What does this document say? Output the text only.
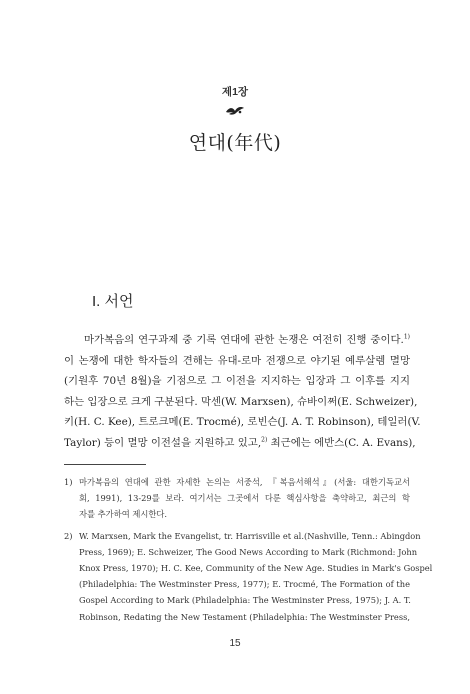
제1장
연대(年代)
I. 서언
마가복음의 연구과제 중 기록 연대에 관한 논쟁은 여전히 진행 중이다.$^{1)}$
이 논쟁에 대한 학자들의 견해는 유대-로마 전쟁으로 야기된 예루살렘 멸망
(기원후 70년 8월)을 기점으로 그 이전을 지지하는 입장과 그 이후를 지지
하는 입장으로 크게 구분된다. 막센(W. Marxsen), 슈바이쩌(E. Schweizer),
키(H. C. Kee), 트로크메(E. Trocmé), 로빈슨(J. A. T. Robinson), 테일러(V.
Taylor) 등이 멸망 이전설을 지원하고 있고,$^{2)}$ 최근에는 에반스(C. A. Evans),
1) 마가복음의 연대에 관한 자세한 논의는 서중석, 『복음서해석』(서울: 대한기독교서
회, 1991), 13-29를 보라. 여기서는 그곳에서 다룬 핵심사항을 축약하고, 최근의 학
자를 추가하여 제시한다.
2) W. Marxsen, Mark the Evangelist, tr. Harrisville et al.(Nashville, Tenn.: Abingdon
Press, 1969); E. Schweizer, The Good News According to Mark (Richmond: John
Knox Press, 1970); H. C. Kee, Community of the New Age. Studies in Mark's Gospel
(Philadelphia: The Westminster Press, 1977); E. Trocmé, The Formation of the
Gospel According to Mark (Philadelphia: The Westminster Press, 1975); J. A. T.
Robinson, Redating the New Testament (Philadelphia: The Westminster Press,
15
